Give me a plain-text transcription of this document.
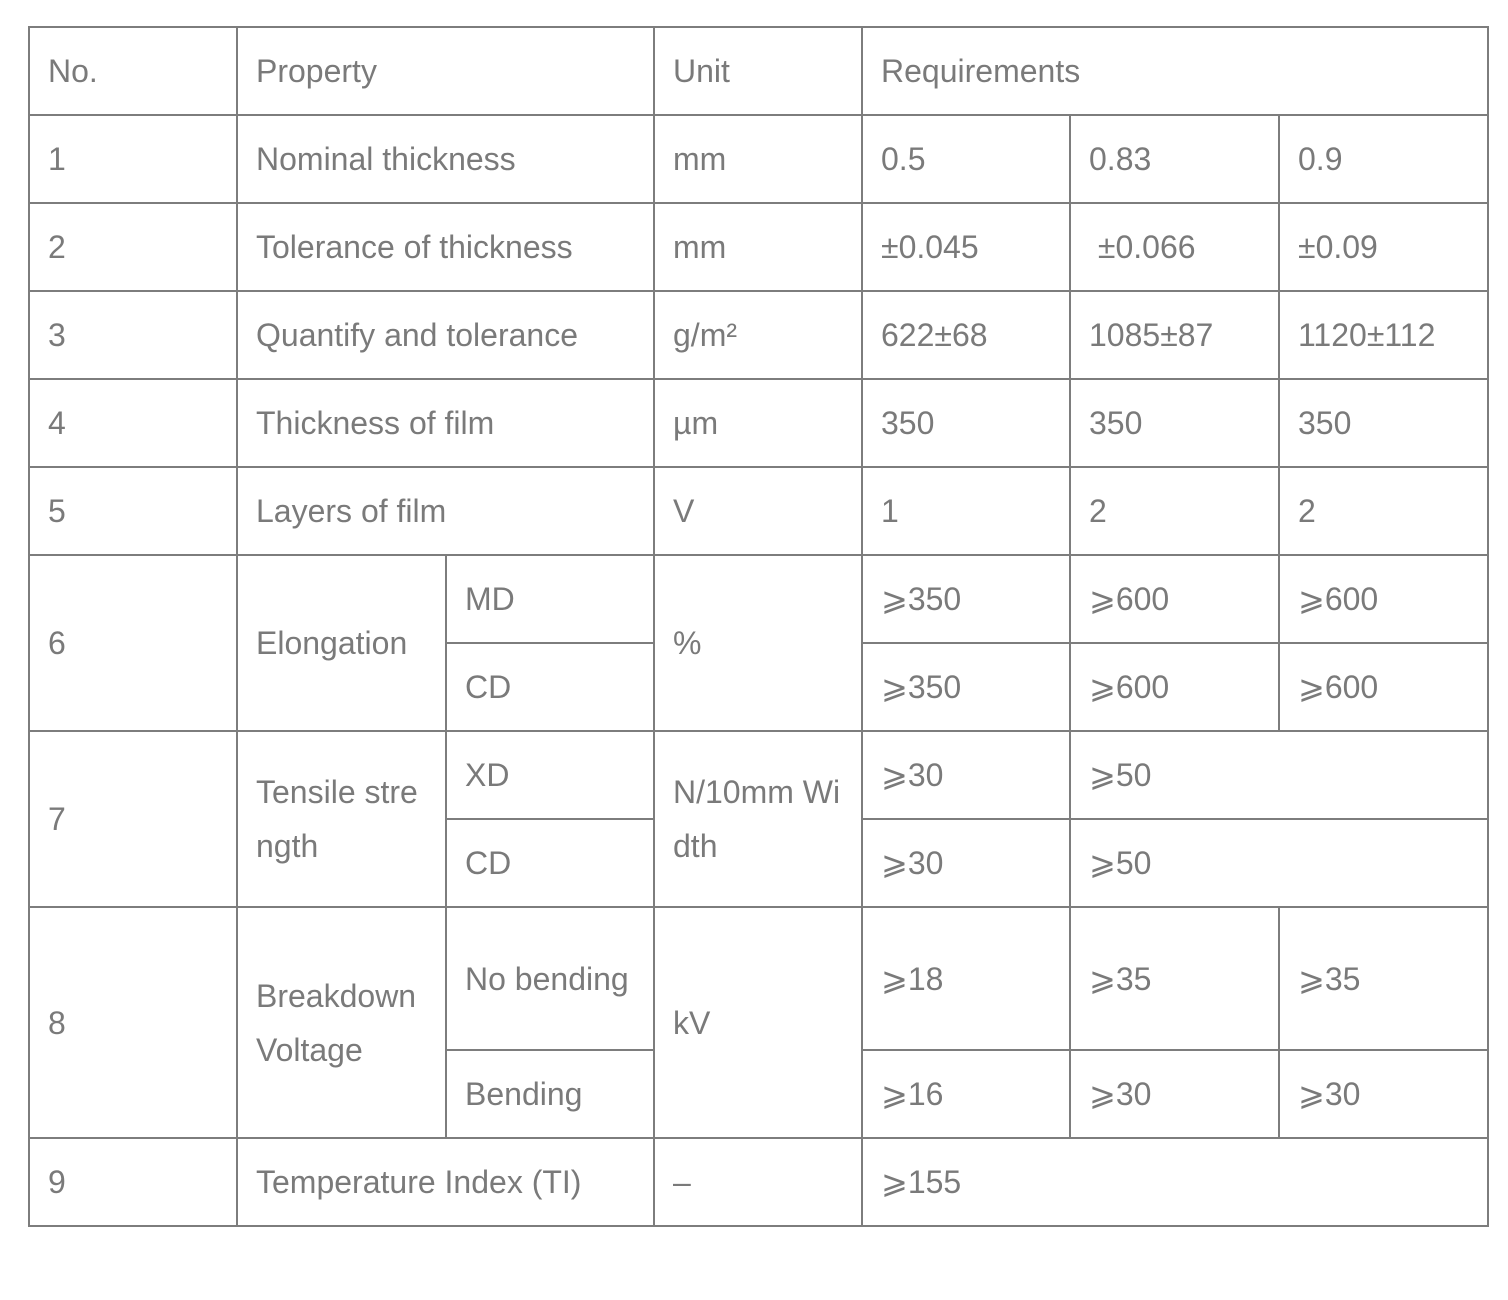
No.	Property		Unit	Requirements		
1	Nominal thickness		mm	0.5	0.83	0.9
2	Tolerance of thickness		mm	±0.045	±0.066	±0.09
3	Quantify and tolerance		g/m²	622±68	1085±87	1120±112
4	Thickness of film		µm	350	350	350
5	Layers of film		V	1	2	2
6	Elongation	MD	%	⩾350	⩾600	⩾600
		CD		⩾350	⩾600	⩾600
7	Tensile strength	XD	N/10mm Width	⩾30	⩾50	
		CD		⩾30	⩾50	
8	Breakdown Voltage	No bending	kV	⩾18	⩾35	⩾35
		Bending		⩾16	⩾30	⩾30
9	Temperature Index (TI)		–	⩾155		
